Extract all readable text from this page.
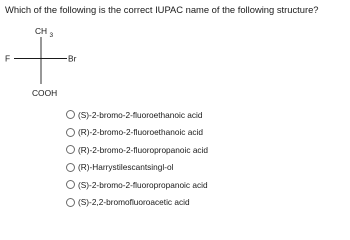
Which of the following is the correct IUPAC name of the following structure?
CH 3
F	Br
COOH
(S)-2-bromo-2-fluoroethanoic acid
(R)-2-bromo-2-fluoroethanoic acid
(R)-2-bromo-2-fluoropropanoic acid
(R)-Harrystilescantsingl-ol
(S)-2-bromo-2-fluoropropanoic acid
(S)-2,2-bromofluoroacetic acid
